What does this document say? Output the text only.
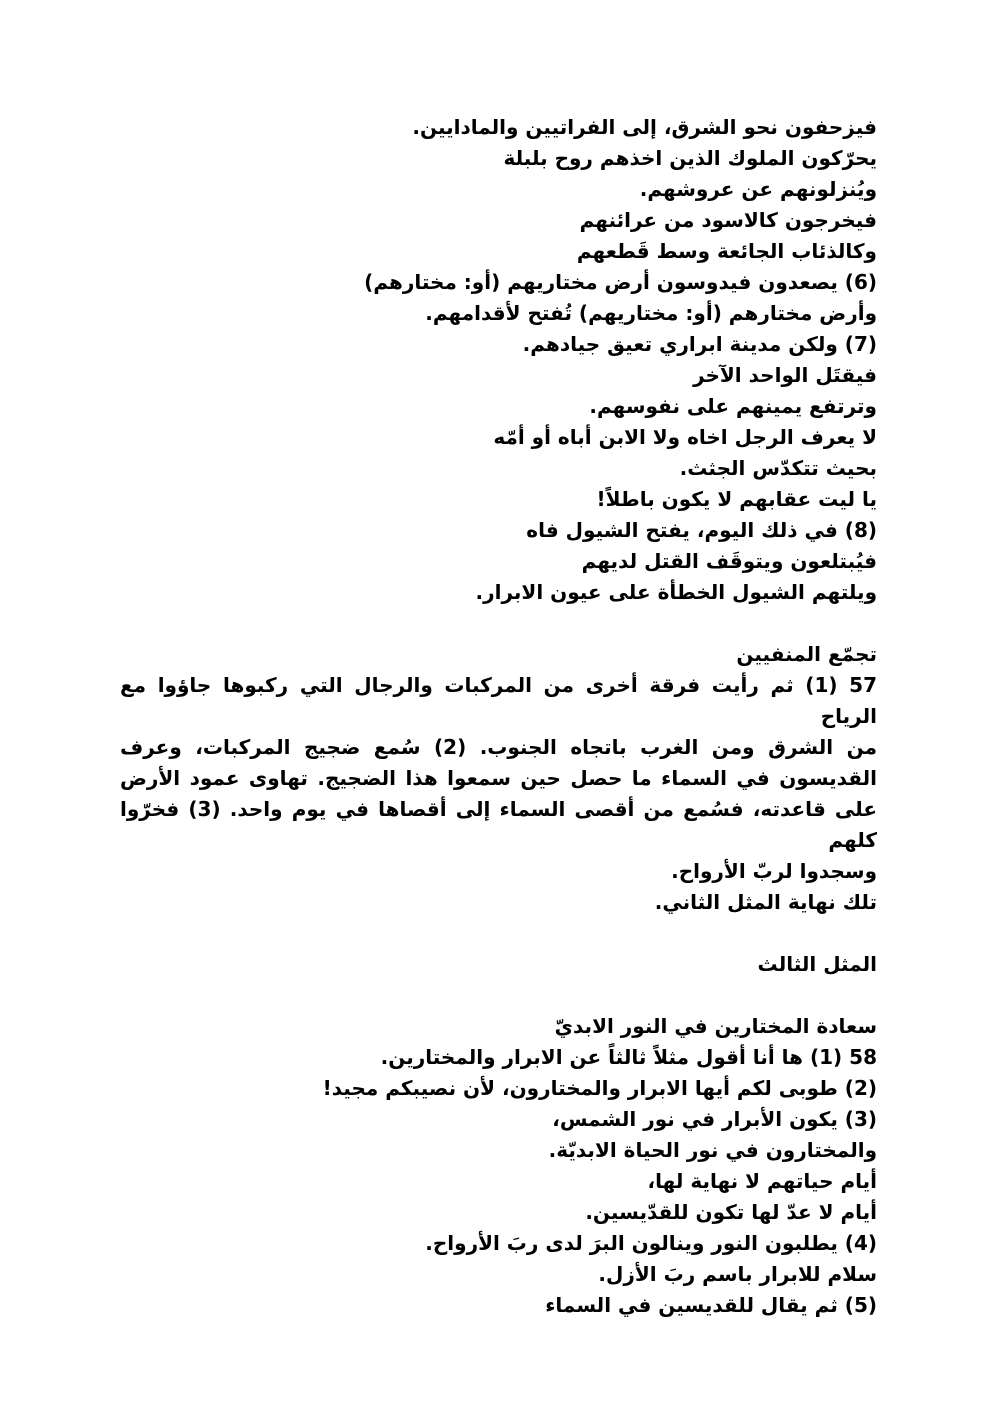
فيزحفون نحو الشرق، إلى الفراتيين والمادايين.
يحرّكون الملوك الذين اخذهم روح بلبلة
ويُنزلونهم عن عروشهم.
فيخرجون كالاسود من عرائنهم
وكالذئاب الجائعة وسط قَطعهم
(6) يصعدون فيدوسون أرض مختاريهم (أو: مختارهم)
وأرض مختارهم (أو: مختاريهم) تُفتح لأقدامهم.
(7) ولكن مدينة ابراري تعيق جيادهم.
فيقتَل الواحد الآخر
وترتفع يمينهم على نفوسهم.
لا يعرف الرجل اخاه ولا الابن أباه أو أمّه
بحيث تتكدّس الجثث.
يا ليت عقابهم لا يكون باطلاً!
(8) في ذلك اليوم، يفتح الشيول فاه
فيُبتلعون ويتوقَف القتل لديهم
ويلتهم الشيول الخطأة على عيون الابرار.
تجمّع المنفيين
57 (1) ثم رأيت فرقة أخرى من المركبات والرجال التي ركبوها جاؤوا مع الرياح
من الشرق ومن الغرب باتجاه الجنوب. (2) سُمع ضجيج المركبات، وعرف
القديسون في السماء ما حصل حين سمعوا هذا الضجيج. تهاوى عمود الأرض
على قاعدته، فسُمع من أقصى السماء إلى أقصاها في يوم واحد. (3) فخرّوا كلهم
وسجدوا لربّ الأرواح.
تلك نهاية المثل الثاني.
المثل الثالث
سعادة المختارين في النور الابديّ
58 (1) ها أنا أقول مثلاً ثالثاً عن الابرار والمختارين.
(2) طوبى لكم أيها الابرار والمختارون، لأن نصيبكم مجيد!
(3) يكون الأبرار في نور الشمس،
والمختارون في نور الحياة الابديّة.
أيام حياتهم لا نهاية لها،
أيام لا عدّ لها تكون للقدّيسين.
(4) يطلبون النور وينالون البرَ لدى ربَ الأرواح.
سلام للابرار باسم ربَ الأزل.
(5) ثم يقال للقديسين في السماء
